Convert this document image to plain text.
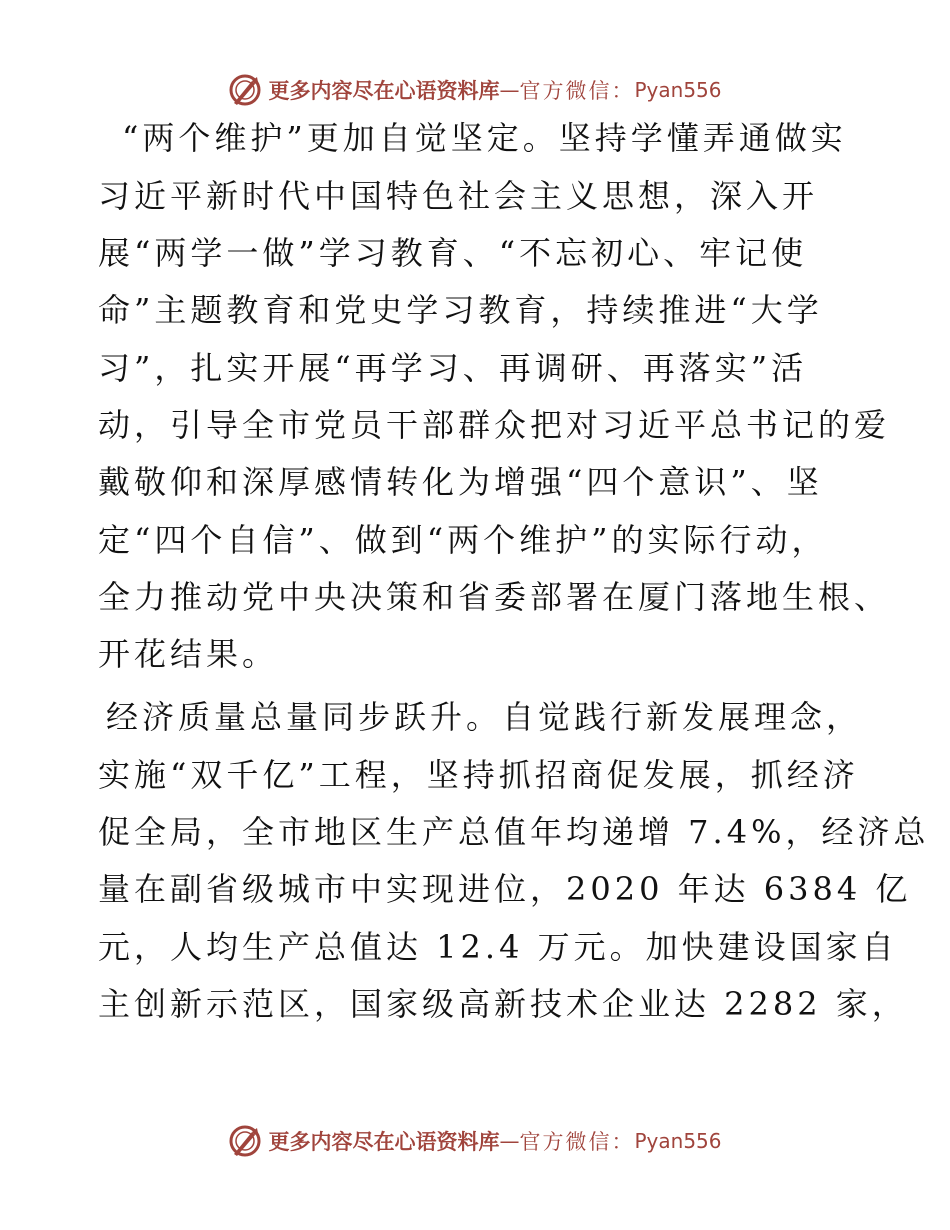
更多内容尽在心语资料库 — 官方微信： Pyan556
“两个维护”更加自觉坚定。坚持学懂弄通做实
习近平新时代中国特色社会主义思想，深入开
展“两学一做”学习教育、“不忘初心、牢记使
命”主题教育和党史学习教育，持续推进“大学
习”，扎实开展“再学习、再调研、再落实”活
动，引导全市党员干部群众把对习近平总书记的爱
戴敬仰和深厚感情转化为增强“四个意识”、坚
定“四个自信”、做到“两个维护”的实际行动，
全力推动党中央决策和省委部署在厦门落地生根、
开花结果。
经济质量总量同步跃升。自觉践行新发展理念，
实施“双千亿”工程，坚持抓招商促发展，抓经济
促全局，全市地区生产总值年均递增 7.4%，经济总
量在副省级城市中实现进位，2020 年达 6384 亿
元，人均生产总值达 12.4 万元。加快建设国家自
主创新示范区，国家级高新技术企业达 2282 家，
更多内容尽在心语资料库 — 官方微信： Pyan556
